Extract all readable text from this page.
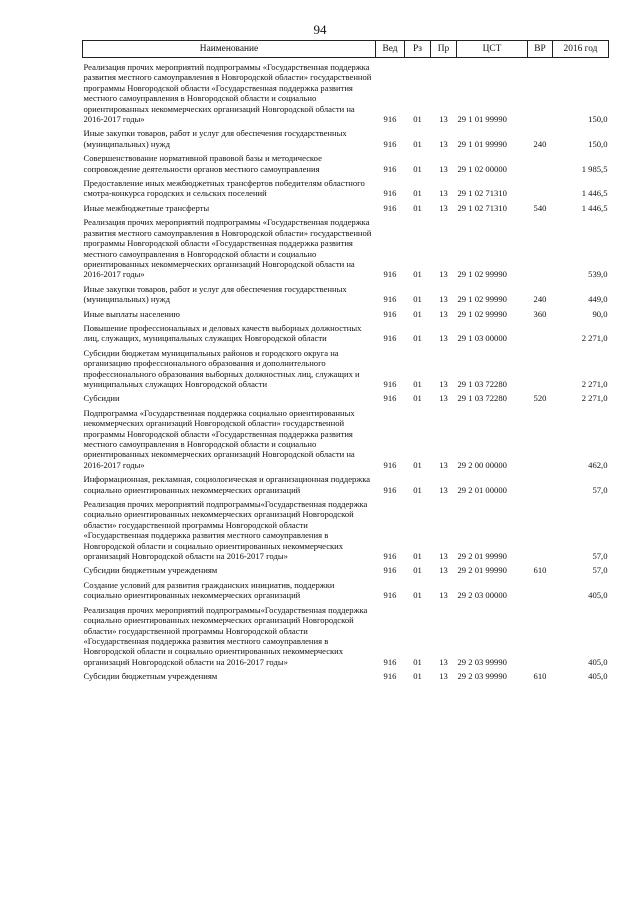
94
Наименование	Вед	Рз	Пр	ЦСТ	ВР	2016 год
Реализация прочих мероприятий подпрограммы «Государственная поддержка развития местного самоуправления в Новгородской области» государственной программы Новгородской области «Государственная поддержка развития местного самоуправления в Новгородской области и социально ориентированных некоммерческих организаций Новгородской области на 2016-2017 годы»	916	01	13	29 1 01 99990		150,0
Иные закупки товаров, работ и услуг для обеспечения государственных (муниципальных) нужд	916	01	13	29 1 01 99990	240	150,0
Совершенствование нормативной правовой базы и методическое сопровождение деятельности органов местного самоуправления	916	01	13	29 1 02 00000		1 985,5
Предоставление иных межбюджетных трансфертов победителям областного смотра-конкурса городских и сельских поселений	916	01	13	29 1 02 71310		1 446,5
Иные межбюджетные трансферты	916	01	13	29 1 02 71310	540	1 446,5
Реализация прочих мероприятий подпрограммы «Государственная поддержка развития местного самоуправления в Новгородской области» государственной программы Новгородской области «Государственная поддержка развития местного самоуправления в Новгородской области и социально ориентированных некоммерческих организаций Новгородской области на 2016-2017 годы»	916	01	13	29 1 02 99990		539,0
Иные закупки товаров, работ и услуг для обеспечения государственных (муниципальных) нужд	916	01	13	29 1 02 99990	240	449,0
Иные выплаты населению	916	01	13	29 1 02 99990	360	90,0
Повышение профессиональных и деловых качеств выборных должностных лиц, служащих, муниципальных служащих Новгородской области	916	01	13	29 1 03 00000		2 271,0
Субсидии бюджетам муниципальных районов и городского округа на организацию профессионального образования и дополнительного профессионального образования выборных должностных лиц, служащих и муниципальных служащих Новгородской области	916	01	13	29 1 03 72280		2 271,0
Субсидии	916	01	13	29 1 03 72280	520	2 271,0
Подпрограмма «Государственная поддержка социально ориентированных некоммерческих организаций Новгородской области» государственной программы Новгородской области «Государственная поддержка развития местного самоуправления в Новгородской области и социально ориентированных некоммерческих организаций Новгородской области на 2016-2017 годы»	916	01	13	29 2 00 00000		462,0
Информационная, рекламная, социологическая и организационная поддержка социально ориентированных некоммерческих организаций	916	01	13	29 2 01 00000		57,0
Реализация прочих мероприятий подпрограммы«Государственная поддержка социально ориентированных некоммерческих организаций Новгородской области» государственной программы Новгородской области «Государственная поддержка развития местного самоуправления в Новгородской области и социально ориентированных некоммерческих организаций Новгородской области на 2016-2017 годы»	916	01	13	29 2 01 99990		57,0
Субсидии бюджетным учреждениям	916	01	13	29 2 01 99990	610	57,0
Создание условий для развития гражданских инициатив, поддержки социально ориентированных некоммерческих организаций	916	01	13	29 2 03 00000		405,0
Реализация прочих мероприятий подпрограммы«Государственная поддержка социально ориентированных некоммерческих организаций Новгородской области» государственной программы Новгородской области «Государственная поддержка развития местного самоуправления в Новгородской области и социально ориентированных некоммерческих организаций Новгородской области на 2016-2017 годы»	916	01	13	29 2 03 99990		405,0
Субсидии бюджетным учреждениям	916	01	13	29 2 03 99990	610	405,0
